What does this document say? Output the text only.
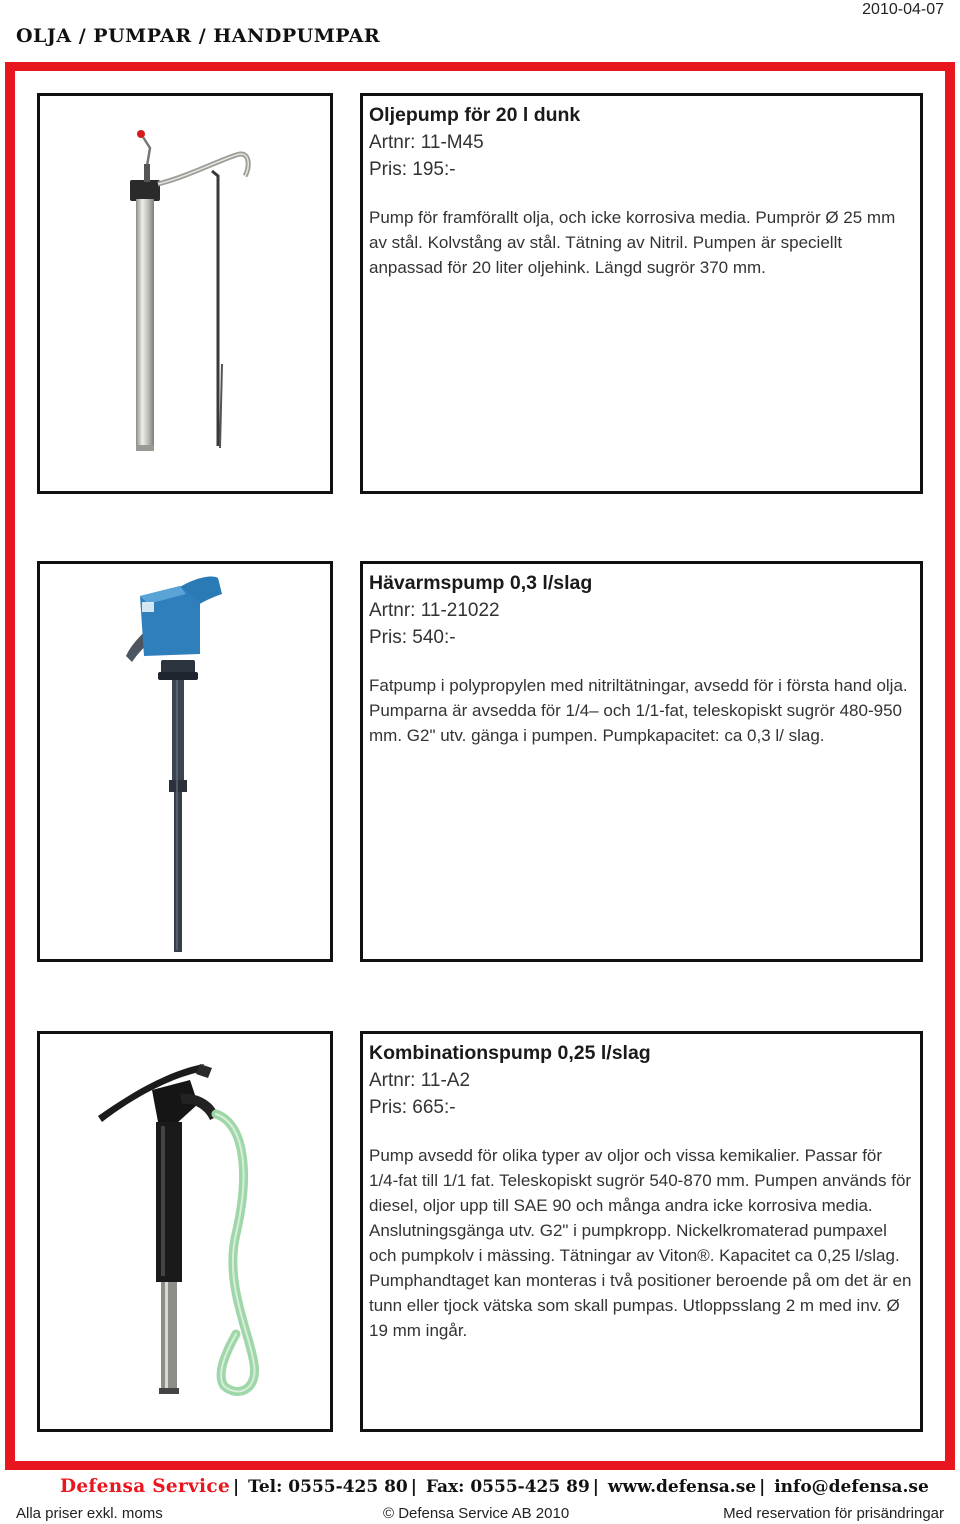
2010-04-07
OLJA / PUMPAR / HANDPUMPAR

Oljepump för 20 l dunk

Artnr: 11-M45

Pris: 195:-

Pump för framförallt olja, och icke korrosiva media. Pumprör Ø 25 mm av stål. Kolvstång av stål. Tätning av Nitril. Pumpen är speciellt anpassad för 20 liter oljehink. Längd sugrör 370 mm.

Hävarmspump 0,3 l/slag

Artnr: 11-21022

Pris: 540:-

Fatpump i polypropylen med nitriltätningar, avsedd för i första hand olja. Pumparna är avsedda för 1/4– och 1/1-fat, teleskopiskt sugrör 480-950 mm. G2" utv. gänga i pumpen. Pumpkapacitet: ca 0,3 l/ slag.

Kombinationspump 0,25 l/slag

Artnr: 11-A2

Pris: 665:-

Pump avsedd för olika typer av oljor och vissa kemikalier. Passar för 1/4-fat till 1/1 fat. Teleskopiskt sugrör 540-870 mm. Pumpen används för diesel, oljor upp till SAE 90 och många andra icke korrosiva media. Anslutningsgänga utv. G2" i pumpkropp. Nickelkromaterad pumpaxel och pumpkolv i mässing. Tätningar av Viton®. Kapacitet ca 0,25 l/slag. Pumphandtaget kan monteras i två positioner beroende på om det är en tunn eller tjock vätska som skall pumpas. Utloppsslang 2 m med inv. Ø 19 mm ingår.

Defensa Service | Tel: 0555-425 80 | Fax: 0555-425 89 | www.defensa.se | info@defensa.se
Alla priser exkl. moms	© Defensa Service AB 2010	Med reservation för prisändringar
